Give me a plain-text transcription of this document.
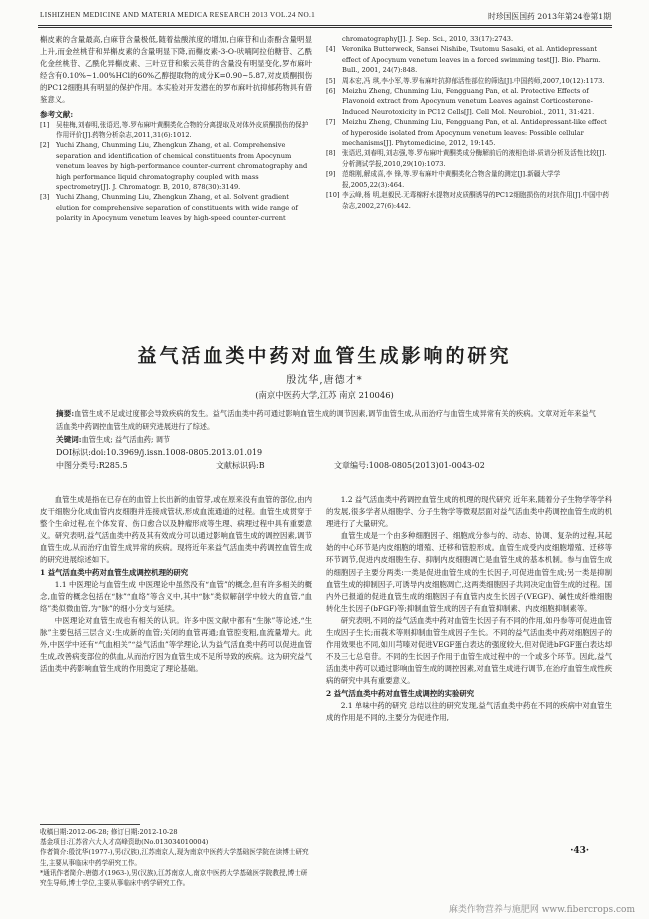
LISHIZHEN MEDICINE AND MATERIA MEDICA RESEARCH 2013 VOL.24 NO.1	时珍国医国药 2013年第24卷第1期
槲皮素的含量最高,白麻苷含量极低,随着盐酸浓度的增加,白麻苷和山柰酚含量明显上升,而金丝桃苷和异槲皮素的含量明显下降,而槲皮素-3-O-吠喃阿拉伯糖苷、乙酰化金丝桃苷、乙酰化异槲皮素、三叶豆苷和紫云英苷的含量没有明显变化,罗布麻叶经含有0.10%~1.00%HCl的60%乙醇提取物的成分K=0.90~5.87,对皮质酮损伤的PC12细胞具有明显的保护作用。本实验对开发潜在的罗布麻叶抗抑郁药物具有借鉴意义。
参考文献:
[1]	吴桂梅,刘春明,张语迟,等.罗布麻叶黄酮类化合物的分离提取及对体外皮质酮损伤的保护作用评价[J].药物分析杂志,2011,31(6):1012.
[2]	Yuchi Zhang, Chunming Liu, Zhengkun Zhang, et al. Comprehensive separation and identification of chemical constituents from Apocynum venetum leaves by high-performance counter-current chromatography and high performance liquid chromatography coupled with mass spectrometry[J]. J. Chromatogr. B, 2010, 878(30):3149.
[3]	Yuchi Zhang, Chunming Liu, Zhengkun Zhang, et al. Solvent gradient elution for comprehensive separation of constituents with wide range of polarity in Apocynum venetum leaves by high-speed counter-current
chromatography[J]. J. Sep. Sci., 2010, 33(17):2743.
[4]	Veronika Butterweck, Sansei Nishibe, Tsutomu Sasaki, et al. Antidepressant effect of Apocynum venetum leaves in a forced swimming test[J]. Bio. Pharm. Bull., 2001, 24(7):848.
[5]	周本宏,冯 琪,李小军,等.罗布麻叶抗抑郁活性部位的筛选[J].中国药师,2007,10(12):1173.
[6]	Meizhu Zheng, Chunming Liu, Fengguang Pan, et al. Protective Effects of Flavonoid extract from Apocynum venetum Leaves against Corticosterone-Induced Neurotoxicity in PC12 Cells[J]. Cell Mol. Neurobiol., 2011, 31:421.
[7]	Meizhu Zheng, Chunming Liu, Fengguang Pan, et al. Antidepressant-like effect of hyperoside isolated from Apocynum venetum leaves: Possible cellular mechanisms[J]. Phytomedicine, 2012, 19:145.
[8]	张语迟,刘春明,刘志强,等.罗布麻叶黄酮类成分酶解前后的液相色谱-质谱分析及活性比较[J].分析测试学报,2010,29(10):1073.
[9]	范维刚,解成喜,李 锋,等.罗布麻叶中黄酮类化合物含量的测定[J].新疆大学学报,2005,22(3):464.
[10] 李云峰,杨 明,赵毅民.无毒棉籽水提物对皮质酮诱导的PC12细胞损伤的对抗作用[J].中国中药杂志,2002,27(6):442.
益气活血类中药对血管生成影响的研究
殷沈华,唐德才*
(南京中医药大学,江苏 南京 210046)
摘要:血管生成不足或过度都会导致疾病的发生。益气活血类中药可通过影响血管生成的调节因素,调节血管生成,从而治疗与血管生成异常有关的疾病。文章对近年来益气活血类中药调控血管生成的研究进展进行了综述。
关键词:血管生成; 益气活血药; 调节
DOI标识:doi:10.3969/j.issn.1008-0805.2013.01.019
中图分类号:R285.5	文献标识码:B	文章编号:1008-0805(2013)01-0043-02

血管生成是指在已存在的血管上长出新的血管芽,或在原来没有血管的部位,由内皮干细胞分化成血管内皮细胞并连接成管状,形成血流通道的过程。血管生成贯穿于整个生命过程,在个体发育、伤口愈合以及肿瘤形成等生理、病理过程中具有重要意义。研究表明,益气活血类中药及其有效成分可以通过影响血管生成的调控因素,调节血管生成,从而治疗血管生成异常的疾病。现将近年来益气活血类中药调控血管生成的研究进展综述如下。

1 益气活血类中药对血管生成调控机理的研究

1.1 中医理论与血管生成 中医理论中虽然没有“血管”的概念,但有许多相关的概念,血管的概念包括在“脉”“血络”等含义中,其中“脉”类似解剖学中较大的血管,“血络”类似微血管,为“脉”的细小分支与延续。

中医理论对血管生成也有相关的认识。许多中医文献中都有“生脉”等论述,“生脉”主要包括三层含义:生成新的血管;关闭的血管再通;血管腔变粗,血流量增大。此外,中医学中还有“气血相关”“益气活血”等学理论,认为益气活血类中药可以促进血管生成,改善病变部位的供血,从而治疗因为血管生成不足所导致的疾病。这为研究益气活血类中药影响血管生成的作用奠定了理论基础。

收稿日期:2012-06-28; 修订日期:2012-10-28
基金项目:江苏省六大人才高峰资助(No.013034010004)
作者简介:殷沈华(1977-),男(汉族),江苏南京人,现为南京中医药大学基础医学院在读博士研究生,主要从事临床中药学研究工作。
*通讯作者简介:唐德才(1963-),男(汉族),江苏南京人,南京中医药大学基础医学院教授,博士研究生导师,博士学位,主要从事临床中药学研究工作。

1.2 益气活血类中药调控血管生成的机理的现代研究 近年来,随着分子生物学等学科的发展,很多学者从细胞学、分子生物学等微观层面对益气活血类中药调控血管生成的机理进行了大量研究。

血管生成是一个由多种细胞因子、细胞成分参与的、动态、协调、复杂的过程,其起始的中心环节是内皮细胞的增殖、迁移和管腔形成。血管生成受内皮细胞增殖、迁移等环节调节,促进内皮细胞生存、抑制内皮细胞凋亡是血管生成的基本机制。参与血管生成的细胞因子主要分两类:一类是促进血管生成的生长因子,可促进血管生成;另一类是抑制血管生成的抑制因子,可诱导内皮细胞凋亡,这两类细胞因子共同决定血管生成的过程。国内外已报道的促进血管生成的细胞因子有血管内皮生长因子(VEGF)、碱性成纤维细胞转化生长因子(bFGF)等;抑制血管生成的因子有血管抑制素、内皮细胞抑制素等。

研究表明,不同的益气活血类中药对血管生长因子有不同的作用,如丹参等可促进血管生成因子生长;而莪术等则抑制血管生成因子生长。不同的益气活血类中药对细胞因子的作用效果也不同,如川芎嗪对促进VEGF蛋白表达的强度较大,但对促进bFGF蛋白表达却不及三七总皂苷。不同的生长因子作用于血管生成过程中的一个或多个环节。因此,益气活血类中药可以通过影响血管生成的调控因素,对血管生成进行调节,在治疗血管生成性疾病的研究中具有重要意义。

2 益气活血类中药对血管生成调控的实验研究

2.1 单味中药的研究 总结以往的研究发现,益气活血类中药在不同的疾病中对血管生成的作用是不同的,主要分为促进作用,

·43·
麻类作物营养与施肥网 www.fibercrops.com
